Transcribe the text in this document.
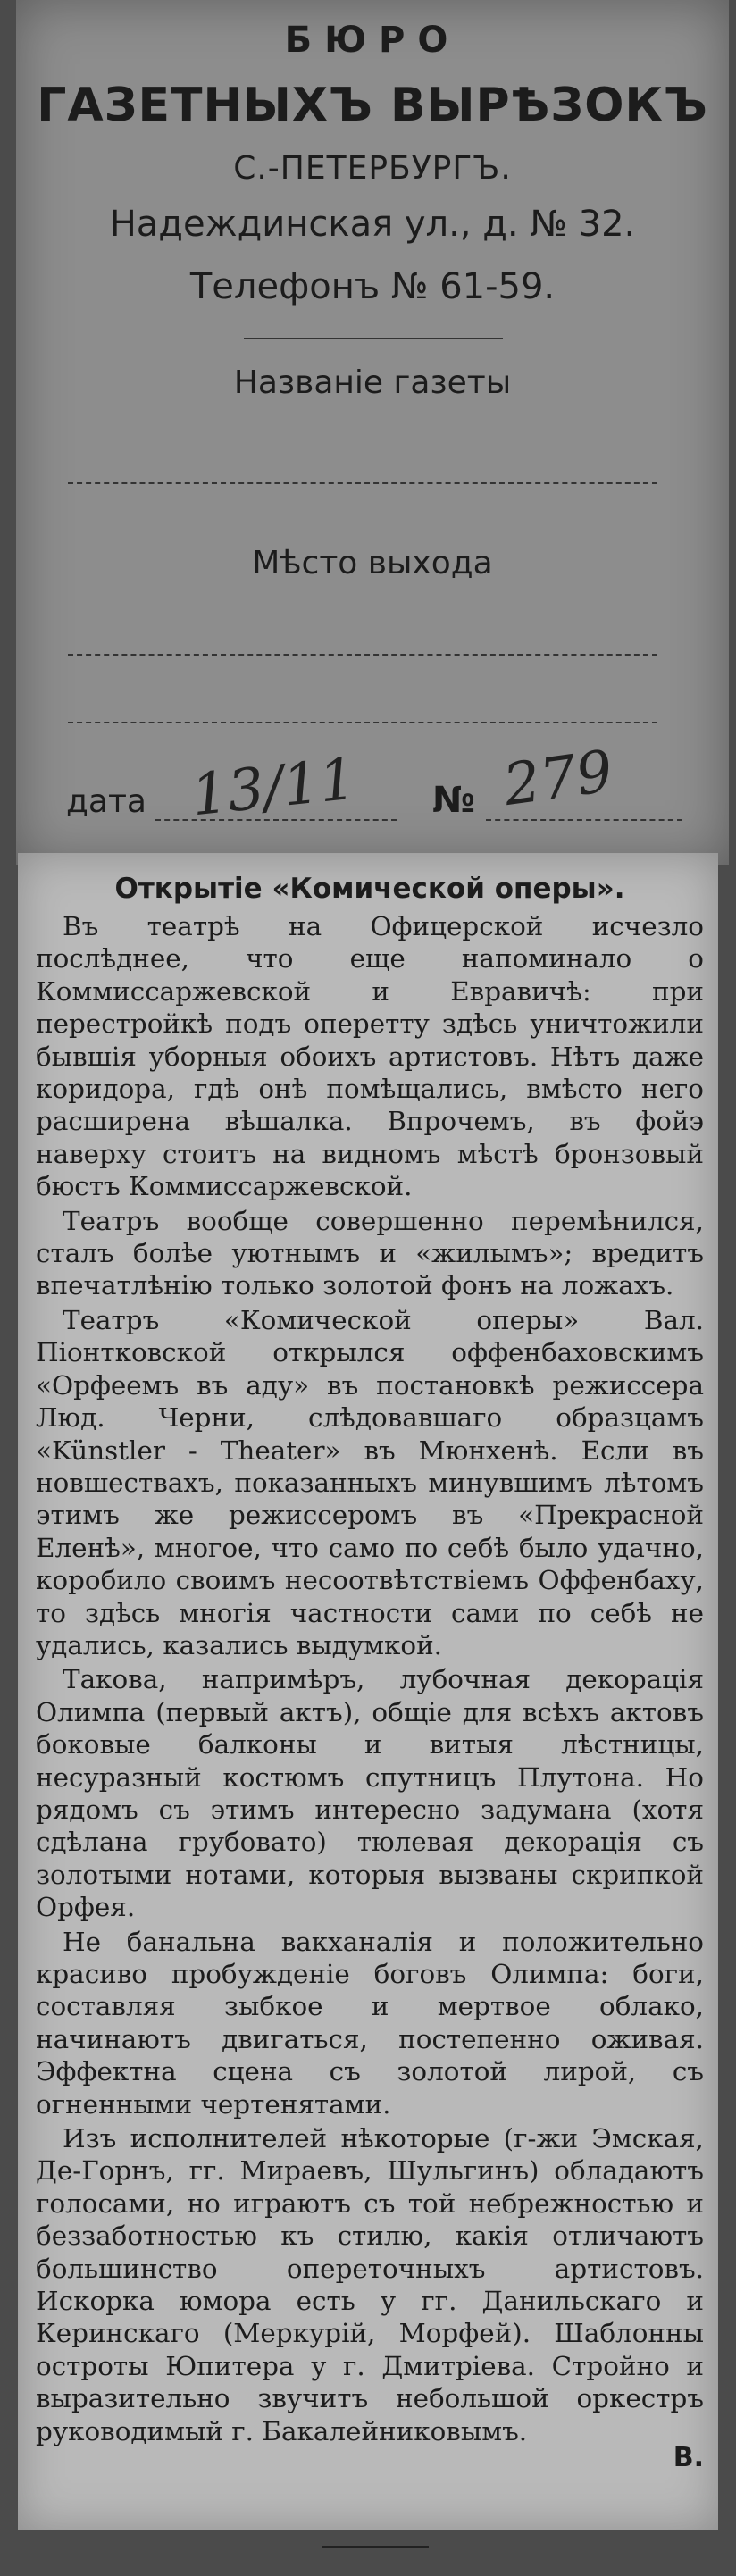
БЮРО
ГАЗЕТНЫХЪ ВЫРѢЗОКЪ
С.-ПЕТЕРБУРГЪ.
Надеждинская ул., д. № 32.
Телефонъ № 61-59.
Названіе газеты
Мѣсто выхода
дата 13/11 № 279
Открытіе «Комической оперы».

Въ театрѣ на Офицерской исчезло послѣднее, что еще напоминало о Коммиссаржевской и Евравичѣ: при перестройкѣ подъ оперетту здѣсь уничтожили бывшія уборныя обоихъ артистовъ. Нѣтъ даже коридора, гдѣ онѣ помѣщались, вмѣсто него расширена вѣшалка. Впрочемъ, въ фойэ наверху стоитъ на видномъ мѣстѣ бронзовый бюстъ Коммиссаржевской.

Театръ вообще совершенно перемѣнился, сталъ болѣе уютнымъ и «жилымъ»; вредитъ впечатлѣнію только золотой фонъ на ложахъ.

Театръ «Комической оперы» Вал. Піонтковской открылся оффенбаховскимъ «Орфеемъ въ аду» въ постановкѣ режиссера Люд. Черни, слѣдовавшаго образцамъ «Künstler - Theater» въ Мюнхенѣ. Если въ новшествахъ, показанныхъ минувшимъ лѣтомъ этимъ же режиссеромъ въ «Прекрасной Еленѣ», многое, что само по себѣ было удачно, коробило своимъ несоотвѣтствіемъ Оффенбаху, то здѣсь многія частности сами по себѣ не удались, казались выдумкой.

Такова, напримѣръ, лубочная декорація Олимпа (первый актъ), общіе для всѣхъ актовъ боковые балконы и витыя лѣстницы, несуразный костюмъ спутницъ Плутона. Но рядомъ съ этимъ интересно задумана (хотя сдѣлана грубовато) тюлевая декорація съ золотыми нотами, которыя вызваны скрипкой Орфея.

Не банальна вакханалія и положительно красиво пробужденіе боговъ Олимпа: боги, составляя зыбкое и мертвое облако, начинаютъ двигаться, постепенно оживая. Эффектна сцена съ золотой лирой, съ огненными чертенятами.

Изъ исполнителей нѣкоторые (г-жи Эмская, Де-Горнъ, гг. Мираевъ, Шульгинъ) обладаютъ голосами, но играютъ съ той небрежностью и беззаботностью къ стилю, какія отличаютъ большинство опереточныхъ артистовъ. Искорка юмора есть у гг. Данильскаго и Керинскаго (Меркурій, Морфей). Шаблонны остроты Юпитера у г. Дмитріева. Стройно и выразительно звучитъ небольшой оркестръ руководимый г. Бакалейниковымъ.

В.
